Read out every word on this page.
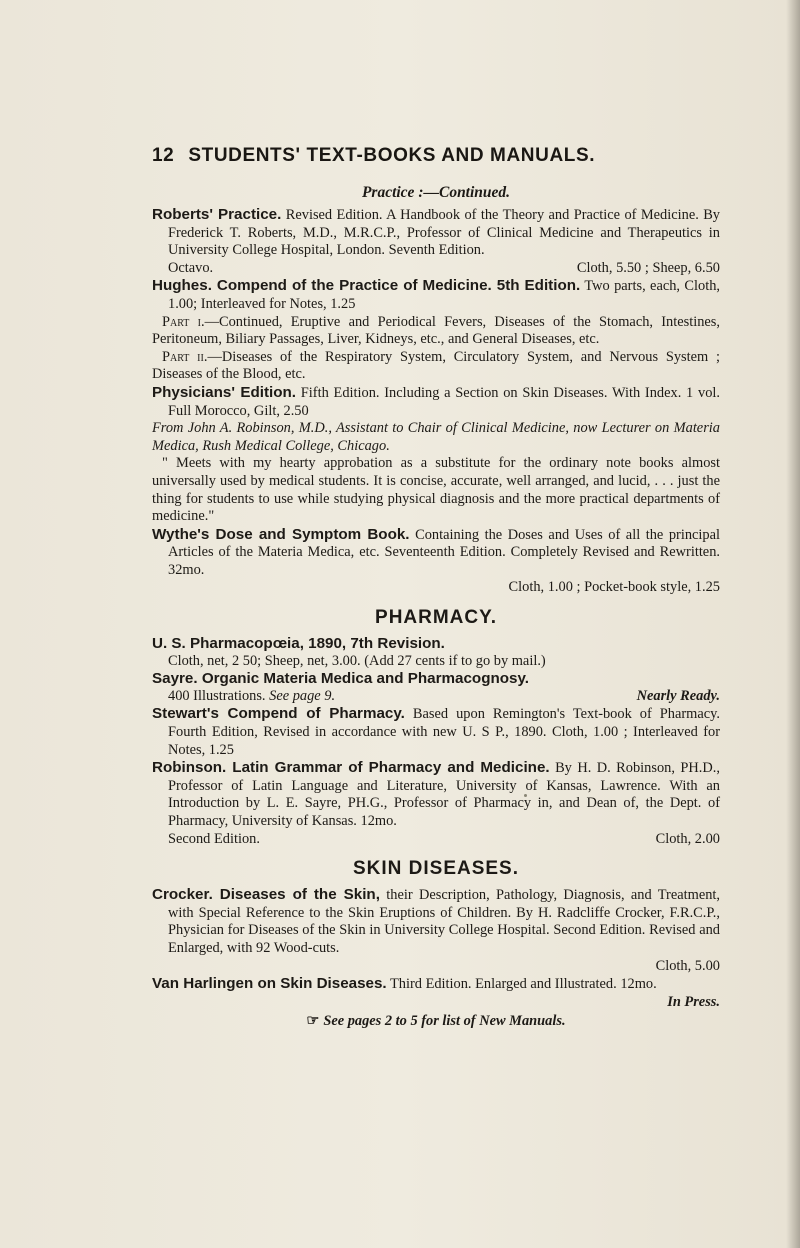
12 STUDENTS' TEXT-BOOKS AND MANUALS.
Practice :—Continued.
Roberts' Practice. Revised Edition. A Handbook of the Theory and Practice of Medicine. By Frederick T. Roberts, M.D., M.R.C.P., Professor of Clinical Medicine and Therapeutics in University College Hospital, London. Seventh Edition.
Octavo.	Cloth, 5.50 ; Sheep, 6.50
Hughes. Compend of the Practice of Medicine. 5th Edition. Two parts, each, Cloth, 1.00; Interleaved for Notes, 1.25
Part i.—Continued, Eruptive and Periodical Fevers, Diseases of the Stomach, Intestines, Peritoneum, Biliary Passages, Liver, Kidneys, etc., and General Diseases, etc.
Part ii.—Diseases of the Respiratory System, Circulatory System, and Nervous System ; Diseases of the Blood, etc.
Physicians' Edition. Fifth Edition. Including a Section on Skin Diseases. With Index. 1 vol. Full Morocco, Gilt, 2.50
From John A. Robinson, M.D., Assistant to Chair of Clinical Medicine, now Lecturer on Materia Medica, Rush Medical College, Chicago.
" Meets with my hearty approbation as a substitute for the ordinary note books almost universally used by medical students. It is concise, accurate, well arranged, and lucid, . . . just the thing for students to use while studying physical diagnosis and the more practical departments of medicine."
Wythe's Dose and Symptom Book. Containing the Doses and Uses of all the principal Articles of the Materia Medica, etc. Seventeenth Edition. Completely Revised and Rewritten. 32mo.
Cloth, 1.00 ; Pocket-book style, 1.25
PHARMACY.
U. S. Pharmacopœia, 1890, 7th Revision.
Cloth, net, 2 50; Sheep, net, 3.00. (Add 27 cents if to go by mail.)
Sayre. Organic Materia Medica and Pharmacognosy.
400 Illustrations. See page 9.	Nearly Ready.
Stewart's Compend of Pharmacy. Based upon Remington's Text-book of Pharmacy. Fourth Edition, Revised in accordance with new U. S P., 1890. Cloth, 1.00 ; Interleaved for Notes, 1.25
Robinson. Latin Grammar of Pharmacy and Medicine. By H. D. Robinson, PH.D., Professor of Latin Language and Literature, University of Kansas, Lawrence. With an Introduction by L. E. Sayre, PH.G., Professor of Pharmacy in, and Dean of, the Dept. of Pharmacy, University of Kansas. 12mo.
Second Edition.	Cloth, 2.00
SKIN DISEASES.
Crocker. Diseases of the Skin, their Description, Pathology, Diagnosis, and Treatment, with Special Reference to the Skin Eruptions of Children. By H. Radcliffe Crocker, F.R.C.P., Physician for Diseases of the Skin in University College Hospital. Second Edition. Revised and Enlarged, with 92 Wood-cuts.
Cloth, 5.00
Van Harlingen on Skin Diseases. Third Edition. Enlarged and Illustrated. 12mo.
In Press.
☞ See pages 2 to 5 for list of New Manuals.
